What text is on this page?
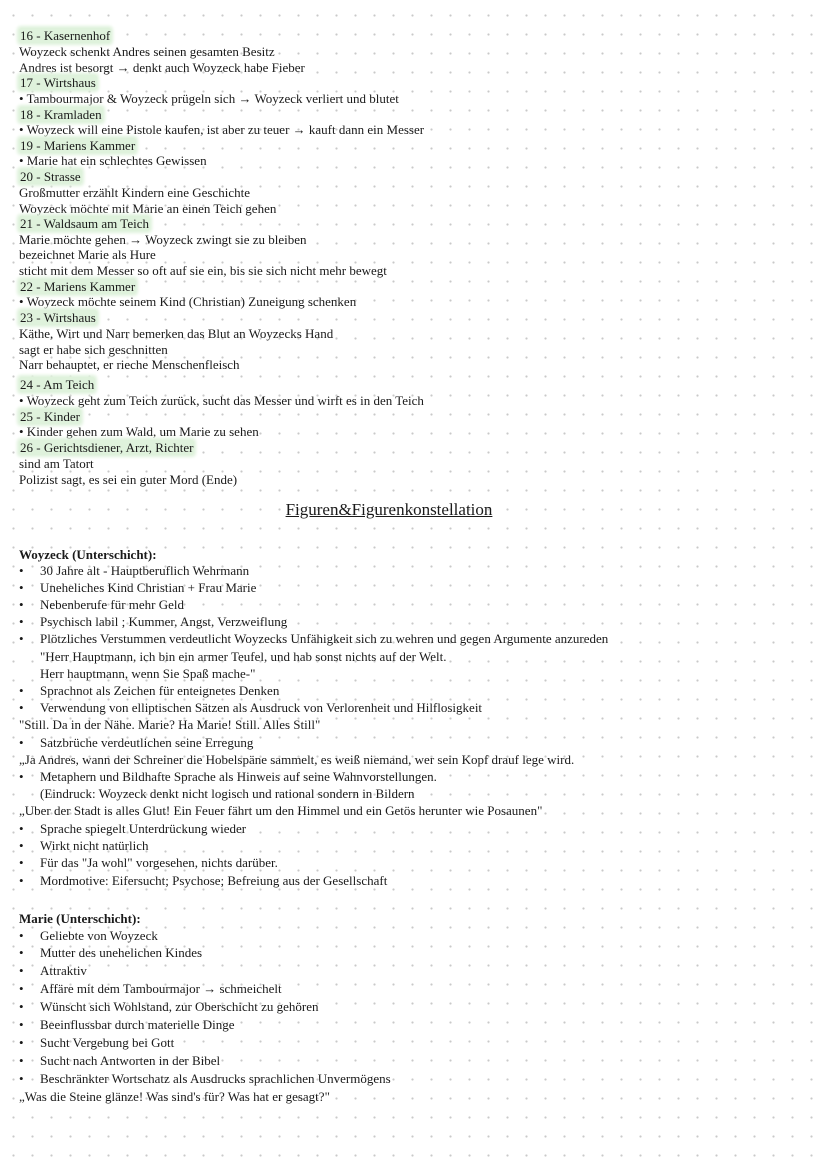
16 - Kasernenhof
Woyzeck schenkt Andres seinen gesamten Besitz
Andres ist besorgt → denkt auch Woyzeck habe Fieber
17 - Wirtshaus
• Tambourmajor & Woyzeck prügeln sich → Woyzeck verliert und blutet
18 - Kramladen
• Woyzeck will eine Pistole kaufen, ist aber zu teuer → kauft dann ein Messer
19 - Mariens Kammer
• Marie hat ein schlechtes Gewissen
20 - Strasse
Großmutter erzählt Kindern eine Geschichte
Woyzeck möchte mit Marie an einen Teich gehen
21 - Waldsaum am Teich
Marie möchte gehen → Woyzeck zwingt sie zu bleiben
bezeichnet Marie als Hure
sticht mit dem Messer so oft auf sie ein, bis sie sich nicht mehr bewegt
22 - Mariens Kammer
• Woyzeck möchte seinem Kind (Christian) Zuneigung schenken
23 - Wirtshaus
Käthe, Wirt und Narr bemerken das Blut an Woyzecks Hand
sagt er habe sich geschnitten
Narr behauptet, er rieche Menschenfleisch
24 - Am Teich
• Woyzeck geht zum Teich zurück, sucht das Messer und wirft es in den Teich
25 - Kinder
• Kinder gehen zum Wald, um Marie zu sehen
26 - Gerichtsdiener, Arzt, Richter
sind am Tatort
Polizist sagt, es sei ein guter Mord (Ende)
Figuren&Figurenkonstellation
Woyzeck (Unterschicht):
• 30 Jahre alt - Hauptberuflich Wehrmann
• Uneheliches Kind Christian + Frau Marie
• Nebenberufe für mehr Geld
• Psychisch labil ; Kummer, Angst, Verzweiflung
• Plötzliches Verstummen verdeutlicht Woyzecks Unfähigkeit sich zu wehren und gegen Argumente anzureden
"Herr Hauptmann, ich bin ein armer Teufel, und hab sonst nichts auf der Welt.
Herr hauptmann, wenn Sie Spaß mache-"
• Sprachnot als Zeichen für enteignetes Denken
• Verwendung von elliptischen Sätzen als Ausdruck von Verlorenheit und Hilflosigkeit
"Still. Da in der Nähe. Marie? Ha Marie! Still. Alles Still"
• Satzbrüche verdeutlichen seine Erregung
„Ja Andres, wann der Schreiner die Hobelspäne sammelt, es weiß niemand, wer sein Kopf drauf lege wird.
• Metaphern und Bildhafte Sprache als Hinweis auf seine Wahnvorstellungen.
(Eindruck: Woyzeck denkt nicht logisch und rational sondern in Bildern
„Uber der Stadt is alles Glut! Ein Feuer fährt um den Himmel und ein Getös herunter wie Posaunen"
• Sprache spiegelt Unterdrückung wieder
• Wirkt nicht natürlich
• Für das "Ja wohl" vorgesehen, nichts darüber.
• Mordmotive: Eifersucht; Psychose; Befreiung aus der Gesellschaft
Marie (Unterschicht):
• Geliebte von Woyzeck
• Mutter des unehelichen Kindes
• Attraktiv
• Affäre mit dem Tambourmajor → schmeichelt
• Wünscht sich Wohlstand, zur Oberschicht zu gehören
• Beeinflussbar durch materielle Dinge
• Sucht Vergebung bei Gott
• Sucht nach Antworten in der Bibel
• Beschränkter Wortschatz als Ausdrucks sprachlichen Unvermögens
„Was die Steine glänze! Was sind's für? Was hat er gesagt?"
